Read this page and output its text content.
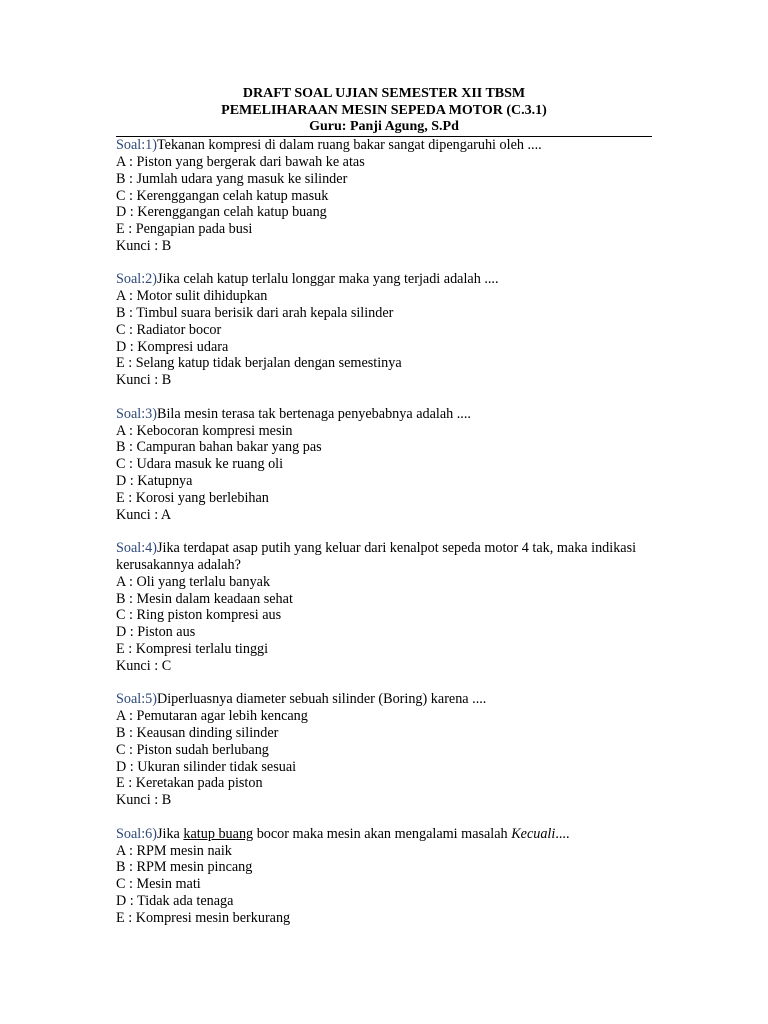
DRAFT SOAL UJIAN SEMESTER XII TBSM
PEMELIHARAAN MESIN SEPEDA MOTOR (C.3.1)
Guru: Panji Agung, S.Pd
Soal:1)Tekanan kompresi di dalam ruang bakar sangat dipengaruhi oleh ....
A : Piston yang bergerak dari bawah ke atas
B : Jumlah udara yang masuk ke silinder
C : Kerenggangan celah katup masuk
D : Kerenggangan celah katup buang
E : Pengapian pada busi
Kunci : B
Soal:2)Jika celah katup terlalu longgar maka yang terjadi adalah ....
A : Motor sulit dihidupkan
B : Timbul suara berisik dari arah kepala silinder
C : Radiator bocor
D : Kompresi udara
E : Selang katup tidak berjalan dengan semestinya
Kunci : B
Soal:3)Bila mesin terasa tak bertenaga penyebabnya adalah ....
A : Kebocoran kompresi mesin
B : Campuran bahan bakar yang pas
C : Udara masuk ke ruang oli
D : Katupnya
E : Korosi yang berlebihan
Kunci : A
Soal:4)Jika terdapat asap putih yang keluar dari kenalpot sepeda motor 4 tak, maka indikasi kerusakannya adalah?
A : Oli yang terlalu banyak
B : Mesin dalam keadaan sehat
C : Ring piston kompresi aus
D : Piston aus
E : Kompresi terlalu tinggi
Kunci : C
Soal:5)Diperluasnya diameter sebuah silinder (Boring) karena ....
A : Pemutaran agar lebih kencang
B : Keausan dinding silinder
C : Piston sudah berlubang
D : Ukuran silinder tidak sesuai
E : Keretakan pada piston
Kunci : B
Soal:6)Jika katup buang bocor maka mesin akan mengalami masalah Kecuali....
A : RPM mesin naik
B : RPM mesin pincang
C : Mesin mati
D : Tidak ada tenaga
E : Kompresi mesin berkurang
